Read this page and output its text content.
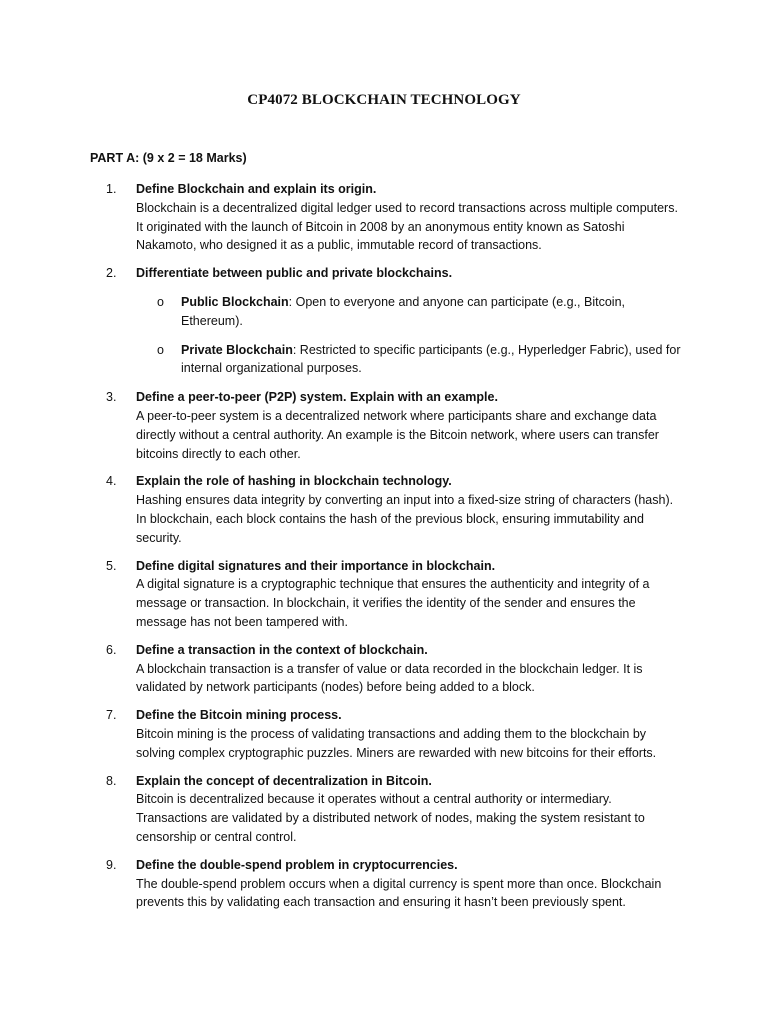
CP4072 BLOCKCHAIN TECHNOLOGY
PART A: (9 x 2 = 18 Marks)
1.	Define Blockchain and explain its origin.
Blockchain is a decentralized digital ledger used to record transactions across multiple computers. It originated with the launch of Bitcoin in 2008 by an anonymous entity known as Satoshi Nakamoto, who designed it as a public, immutable record of transactions.
2.	Differentiate between public and private blockchains.
o Public Blockchain: Open to everyone and anyone can participate (e.g., Bitcoin, Ethereum).
o Private Blockchain: Restricted to specific participants (e.g., Hyperledger Fabric), used for internal organizational purposes.
3.	Define a peer-to-peer (P2P) system. Explain with an example.
A peer-to-peer system is a decentralized network where participants share and exchange data directly without a central authority. An example is the Bitcoin network, where users can transfer bitcoins directly to each other.
4.	Explain the role of hashing in blockchain technology.
Hashing ensures data integrity by converting an input into a fixed-size string of characters (hash). In blockchain, each block contains the hash of the previous block, ensuring immutability and security.
5.	Define digital signatures and their importance in blockchain.
A digital signature is a cryptographic technique that ensures the authenticity and integrity of a message or transaction. In blockchain, it verifies the identity of the sender and ensures the message has not been tampered with.
6.	Define a transaction in the context of blockchain.
A blockchain transaction is a transfer of value or data recorded in the blockchain ledger. It is validated by network participants (nodes) before being added to a block.
7.	Define the Bitcoin mining process.
Bitcoin mining is the process of validating transactions and adding them to the blockchain by solving complex cryptographic puzzles. Miners are rewarded with new bitcoins for their efforts.
8.	Explain the concept of decentralization in Bitcoin.
Bitcoin is decentralized because it operates without a central authority or intermediary. Transactions are validated by a distributed network of nodes, making the system resistant to censorship or central control.
9.	Define the double-spend problem in cryptocurrencies.
The double-spend problem occurs when a digital currency is spent more than once. Blockchain prevents this by validating each transaction and ensuring it hasn’t been previously spent.
